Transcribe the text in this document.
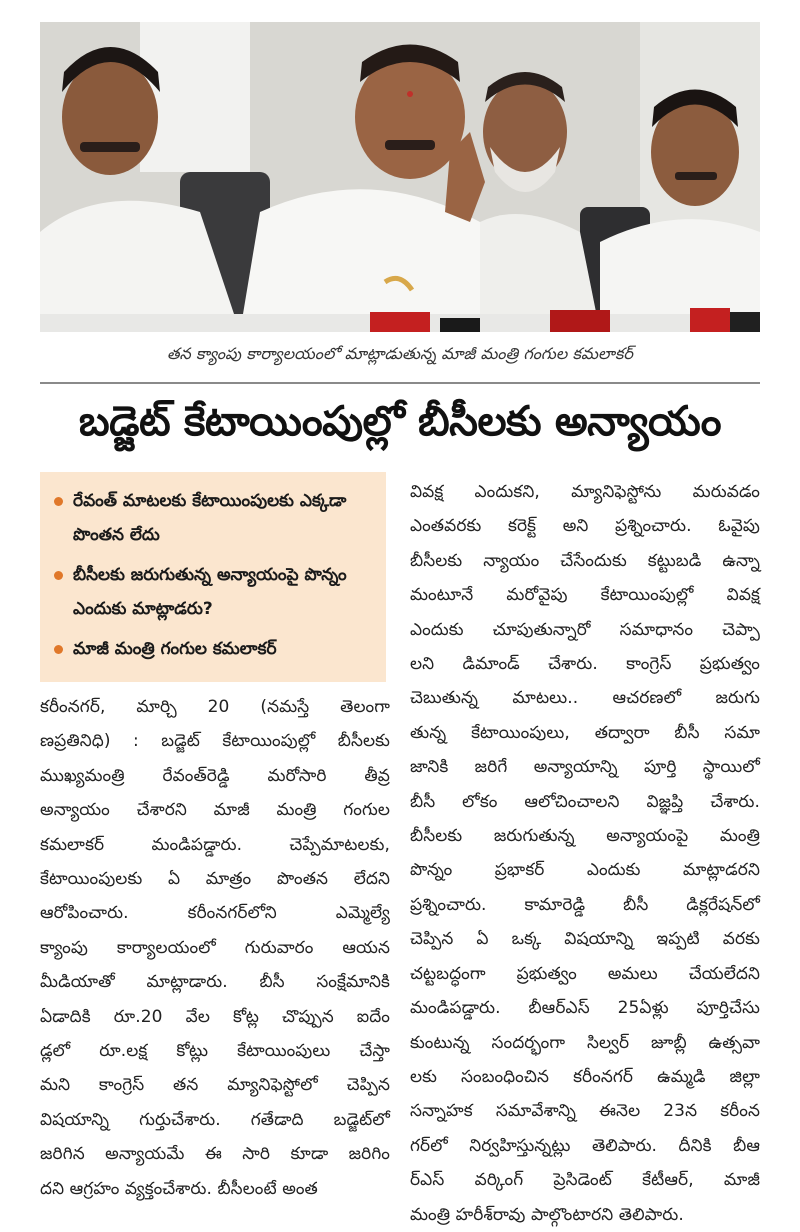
తన క్యాంపు కార్యాలయంలో మాట్లాడుతున్న మాజీ మంత్రి గంగుల కమలాకర్
బడ్జెట్ కేటాయింపుల్లో బీసీలకు అన్యాయం
రేవంత్ మాటలకు కేటాయింపులకు ఎక్కడా పొంతన లేదు
బీసీలకు జరుగుతున్న అన్యాయంపై పొన్నం ఎందుకు మాట్లాడరు?
మాజీ మంత్రి గంగుల కమలాకర్
కరీంనగర్, మార్చి 20 (నమస్తే తెలంగా
ణప్రతినిధి) : బడ్జెట్ కేటాయింపుల్లో బీసీలకు
ముఖ్యమంత్రి రేవంత్‌రెడ్డి మరోసారి తీవ్ర
అన్యాయం చేశారని మాజీ మంత్రి గంగుల
కమలాకర్ మండిపడ్డారు. చెప్పేమాటలకు,
కేటాయింపులకు ఏ మాత్రం పొంతన లేదని
ఆరోపించారు. కరీంనగర్‌లోని ఎమ్మెల్యే
క్యాంపు కార్యాలయంలో గురువారం ఆయన
మీడియాతో మాట్లాడారు. బీసీ సంక్షేమానికి
ఏడాదికి రూ.20 వేల కోట్ల చొప్పున ఐదేం
డ్లలో రూ.లక్ష కోట్లు కేటాయింపులు చేస్తా
మని కాంగ్రెస్ తన మ్యానిఫెస్టోలో చెప్పిన
విషయాన్ని గుర్తుచేశారు. గతేడాది బడ్జెట్‌లో
జరిగిన అన్యాయమే ఈ సారి కూడా జరిగిం
దని ఆగ్రహం వ్యక్తంచేశారు. బీసీలంటే అంత
వివక్ష ఎందుకని, మ్యానిఫెస్టోను మరువడం
ఎంతవరకు కరెక్ట్ అని ప్రశ్నించారు. ఓవైపు
బీసీలకు న్యాయం చేసేందుకు కట్టుబడి ఉన్నా
మంటూనే మరోవైపు కేటాయింపుల్లో వివక్ష
ఎందుకు చూపుతున్నారో సమాధానం చెప్పా
లని డిమాండ్ చేశారు. కాంగ్రెస్ ప్రభుత్వం
చెబుతున్న మాటలు.. ఆచరణలో జరుగు
తున్న కేటాయింపులు, తద్వారా బీసీ సమా
జానికి జరిగే అన్యాయాన్ని పూర్తి స్థాయిలో
బీసీ లోకం ఆలోచించాలని విజ్ఞప్తి చేశారు.
బీసీలకు జరుగుతున్న అన్యాయంపై మంత్రి
పొన్నం ప్రభాకర్ ఎందుకు మాట్లాడరని
ప్రశ్నించారు. కామారెడ్డి బీసీ డిక్లరేషన్‌లో
చెప్పిన ఏ ఒక్క విషయాన్ని ఇప్పటి వరకు
చట్టబద్ధంగా ప్రభుత్వం అమలు చేయలేదని
మండిపడ్డారు. బీఆర్‌ఎస్ 25ఏళ్లు పూర్తిచేసు
కుంటున్న సందర్భంగా సిల్వర్ జూబ్లీ ఉత్సవా
లకు సంబంధించిన కరీంనగర్ ఉమ్మడి జిల్లా
సన్నాహక సమావేశాన్ని ఈనెల 23న కరీంన
గర్‌లో నిర్వహిస్తున్నట్లు తెలిపారు. దీనికి బీఆ
ర్‌ఎస్ వర్కింగ్ ప్రెసిడెంట్ కేటీఆర్, మాజీ
మంత్రి హరీశ్‌రావు పాల్గొంటారని తెలిపారు.
